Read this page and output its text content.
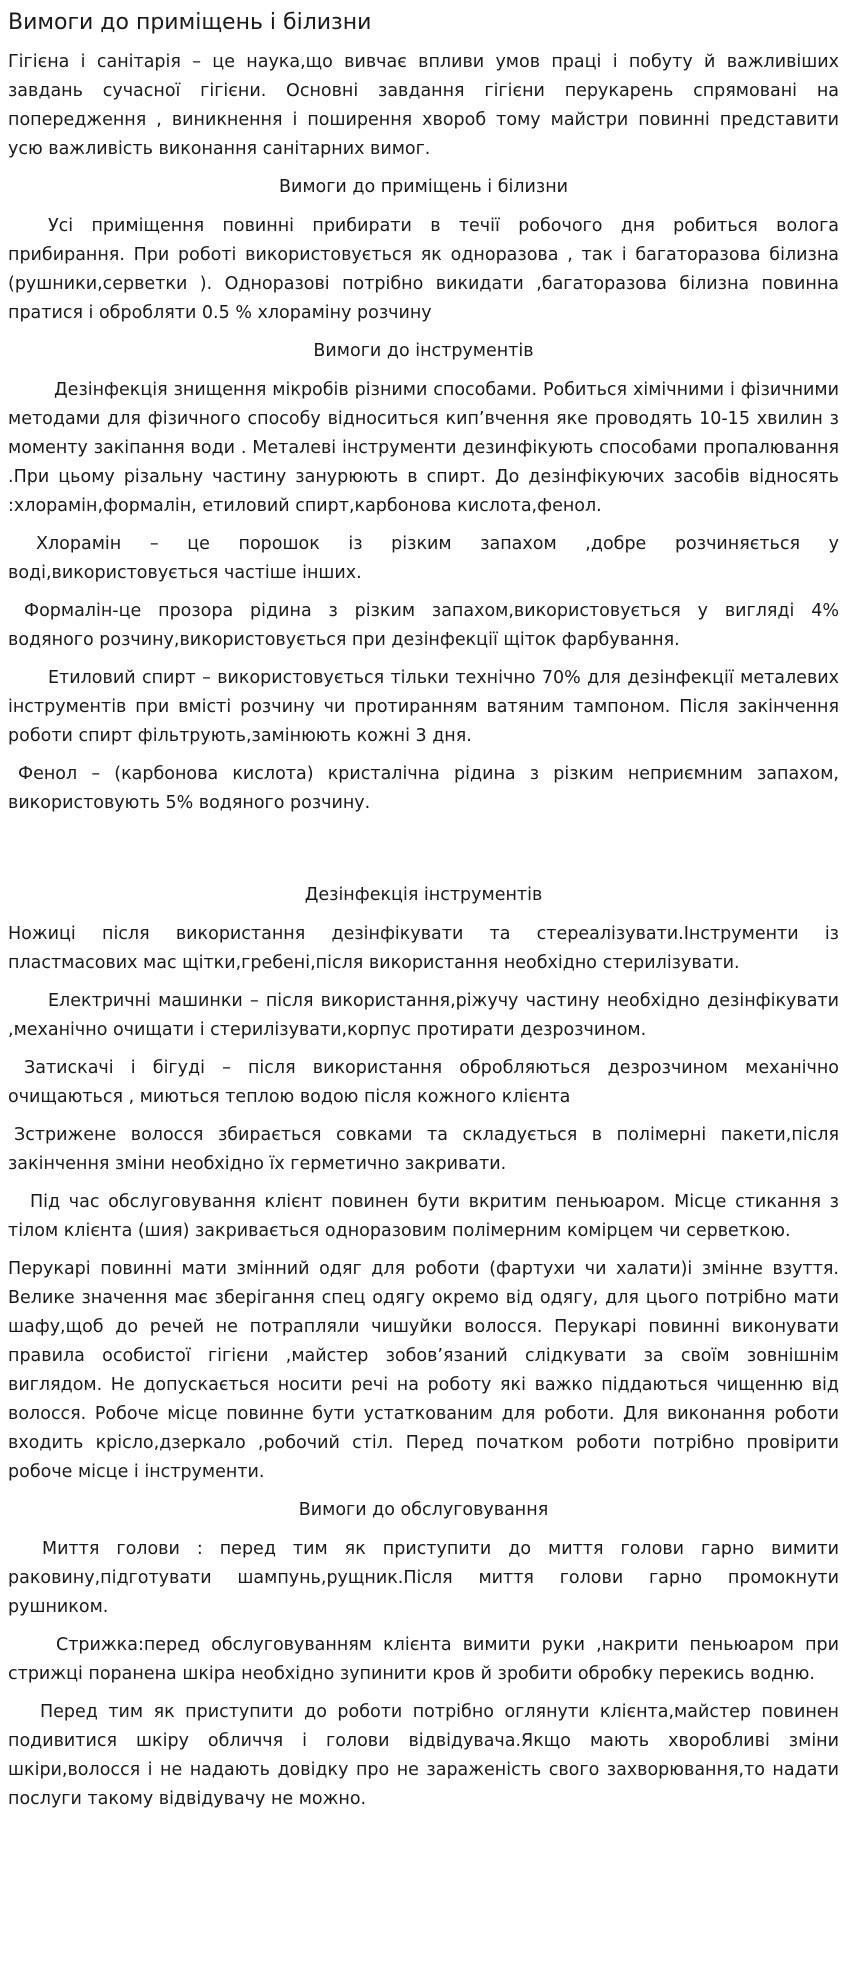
Вимоги до приміщень і білизни

Гігієна і санітарія – це наука,що вивчає впливи умов праці і побуту й важливіших завдань сучасної гігієни. Основні завдання гігієни перукарень спрямовані на попередження , виникнення і поширення хвороб тому майстри повинні представити усю важливість виконання санітарних вимог.

Вимоги до приміщень і білизни

Усі приміщення повинні прибирати в течії робочого дня робиться волога прибирання. При роботі використовується як одноразова , так і багаторазова білизна (рушники,серветки ). Одноразові потрібно викидати ,багаторазова білизна повинна пратися і обробляти 0.5 % хлораміну розчину

Вимоги до інструментів

Дезінфекція знищення мікробів різними способами. Робиться хімічними і фізичними методами для фізичного способу відноситься кип’вчення яке проводять 10-15 хвилин з моменту закіпання води . Металеві інструменти дезинфікують способами пропалювання .При цьому різальну частину занурюють в спирт. До дезінфікуючих засобів відносять :хлорамін,формалін, етиловий спирт,карбонова кислота,фенол.

Хлорамін – це порошок із різким запахом ,добре розчиняється у воді,використовується частіше інших.

Формалін-це прозора рідина з різким запахом,використовується у вигляді 4% водяного розчину,використовується при дезінфекції щіток фарбування.

Етиловий спирт – використовується тільки технічно 70% для дезінфекції металевих інструментів при вмісті розчину чи протиранням ватяним тампоном. Після закінчення роботи спирт фільтрують,замінюють кожні 3 дня.

Фенол – (карбонова кислота) кристалічна рідина з різким неприємним запахом, використовують 5% водяного розчину.

Дезінфекція інструментів

Ножиці після використання дезінфікувати та стереалізувати.Інструменти із пластмасових мас щітки,гребені,після використання необхідно стерилізувати.

Електричні машинки – після використання,ріжучу частину необхідно дезінфікувати ,механічно очищати і стерилізувати,корпус протирати дезрозчином.

Затискачі і бігуді – після використання обробляються дезрозчином механічно очищаються , миються теплою водою після кожного клієнта

Зстрижене волосся збирається совками та складується в полімерні пакети,після закінчення зміни необхідно їх герметично закривати.

Під час обслуговування клієнт повинен бути вкритим пеньюаром. Місце стикання з тілом клієнта (шия) закривається одноразовим полімерним комірцем чи серветкою.

Перукарі повинні мати змінний одяг для роботи (фартухи чи халати)і змінне взуття. Велике значення має зберігання спец одягу окремо від одягу, для цього потрібно мати шафу,щоб до речей не потрапляли чишуйки волосся. Перукарі повинні виконувати правила особистої гігієни ,майстер зобов’язаний слідкувати за своїм зовнішнім виглядом. Не допускається носити речі на роботу які важко піддаються чищенню від волосся. Робоче місце повинне бути устаткованим для роботи. Для виконання роботи входить крісло,дзеркало ,робочий стіл. Перед початком роботи потрібно провірити робоче місце і інструменти.

Вимоги до обслуговування

Миття голови : перед тим як приступити до миття голови гарно вимити раковину,підготувати шампунь,рущник.Після миття голови гарно промокнути рушником.

Стрижка:перед обслуговуванням клієнта вимити руки ,накрити пеньюаром при стрижці поранена шкіра необхідно зупинити кров й зробити обробку перекись водню.

Перед тим як приступити до роботи потрібно оглянути клієнта,майстер повинен подивитися шкіру обличчя і голови відвідувача.Якщо мають хворобливі зміни шкіри,волосся і не надають довідку про не зараженість свого захворювання,то надати послуги такому відвідувачу не можно.
